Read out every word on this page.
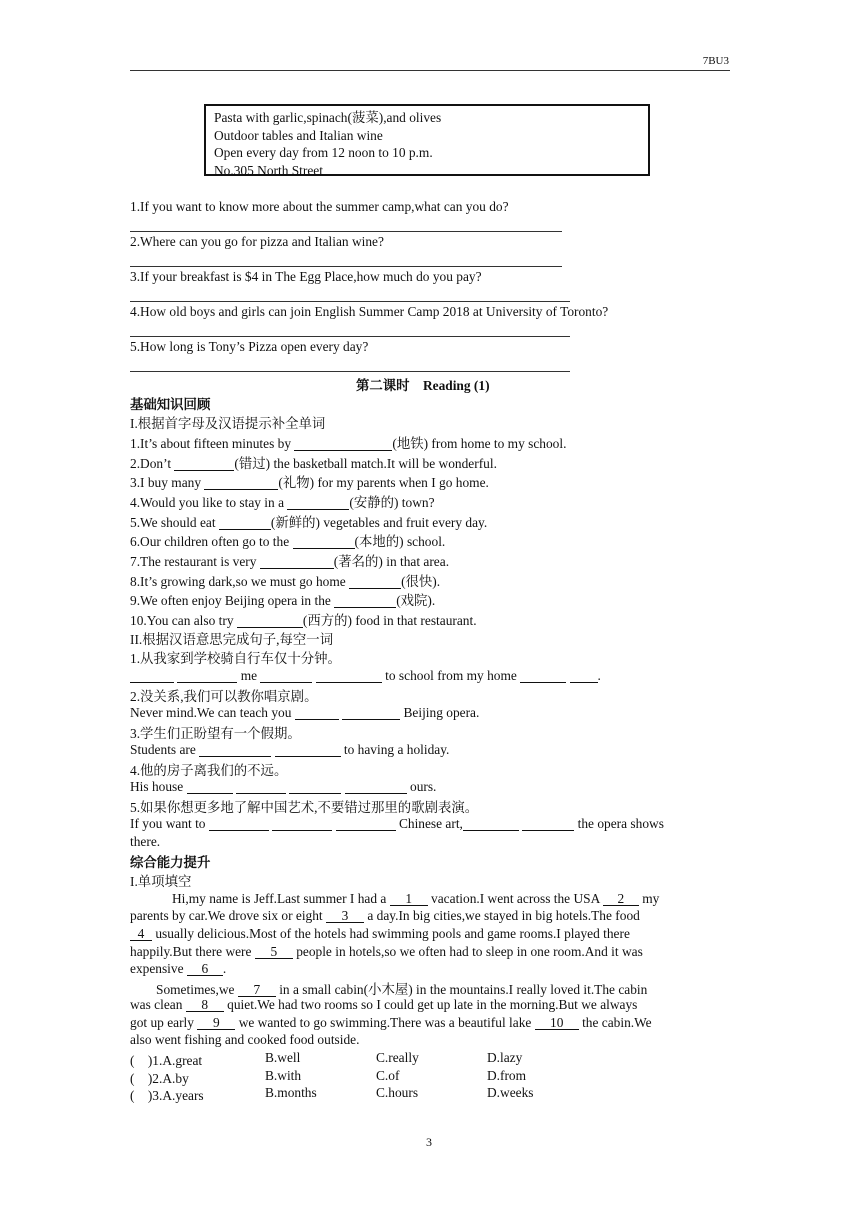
7BU3
Pasta with garlic,spinach(菠菜),and olives
Outdoor tables and Italian wine
Open every day from 12 noon to 10 p.m.
No.305 North Street
1.If you want to know more about the summer camp,what can you do?
2.Where can you go for pizza and Italian wine?
3.If your breakfast is $4 in The Egg Place,how much do you pay?
4.How old boys and girls can join English Summer Camp 2018 at University of Toronto?
5.How long is Tony’s Pizza open every day?
第二课时　Reading (1)
基础知识回顾
I.根据首字母及汉语提示补全单词
1.It’s about fifteen minutes by	(地铁) from home to my school.
2.Don’t	(错过) the basketball match.It will be wonderful.
3.I buy many	(礼物) for my parents when I go home.
4.Would you like to stay in a	(安静的) town?
5.We should eat	(新鲜的) vegetables and fruit every day.
6.Our children often go to the	(本地的) school.
7.The restaurant is very	(著名的) in that area.
8.It’s growing dark,so we must go home	(很快).
9.We often enjoy Beijing opera in the	(戏院).
10.You can also try	(西方的) food in that restaurant.
II.根据汉语意思完成句子,每空一词
1.从我家到学校骑自行车仅十分钟。
me	to school from my home	.
2.没关系,我们可以教你唱京剧。
Never mind.We can teach you	Beijing opera.
3.学生们正盼望有一个假期。
Students are	to having a holiday.
4.他的房子离我们的不远。
His house	ours.
5.如果你想更多地了解中国艺术,不要错过那里的歌剧表演。
If you want to	Chinese art,	the opera shows
there.
综合能力提升
I.单项填空
Hi,my name is Jeff.Last summer I had a 1 vacation.I went across the USA 2 my
parents by car.We drove six or eight 3 a day.In big cities,we stayed in big hotels.The food
4 usually delicious.Most of the hotels had swimming pools and game rooms.I played there
happily.But there were 5 people in hotels,so we often had to sleep in one room.And it was
expensive 6 .
Sometimes,we 7 in a small cabin(小木屋) in the mountains.I really loved it.The cabin
was clean 8 quiet.We had two rooms so I could get up late in the morning.But we always
got up early 9 we wanted to go swimming.There was a beautiful lake 10 the cabin.We
also went fishing and cooked food outside.
(　)1.A.great	B.well	C.really	D.lazy
(　)2.A.by	B.with	C.of	D.from
(　)3.A.years	B.months	C.hours	D.weeks
3
